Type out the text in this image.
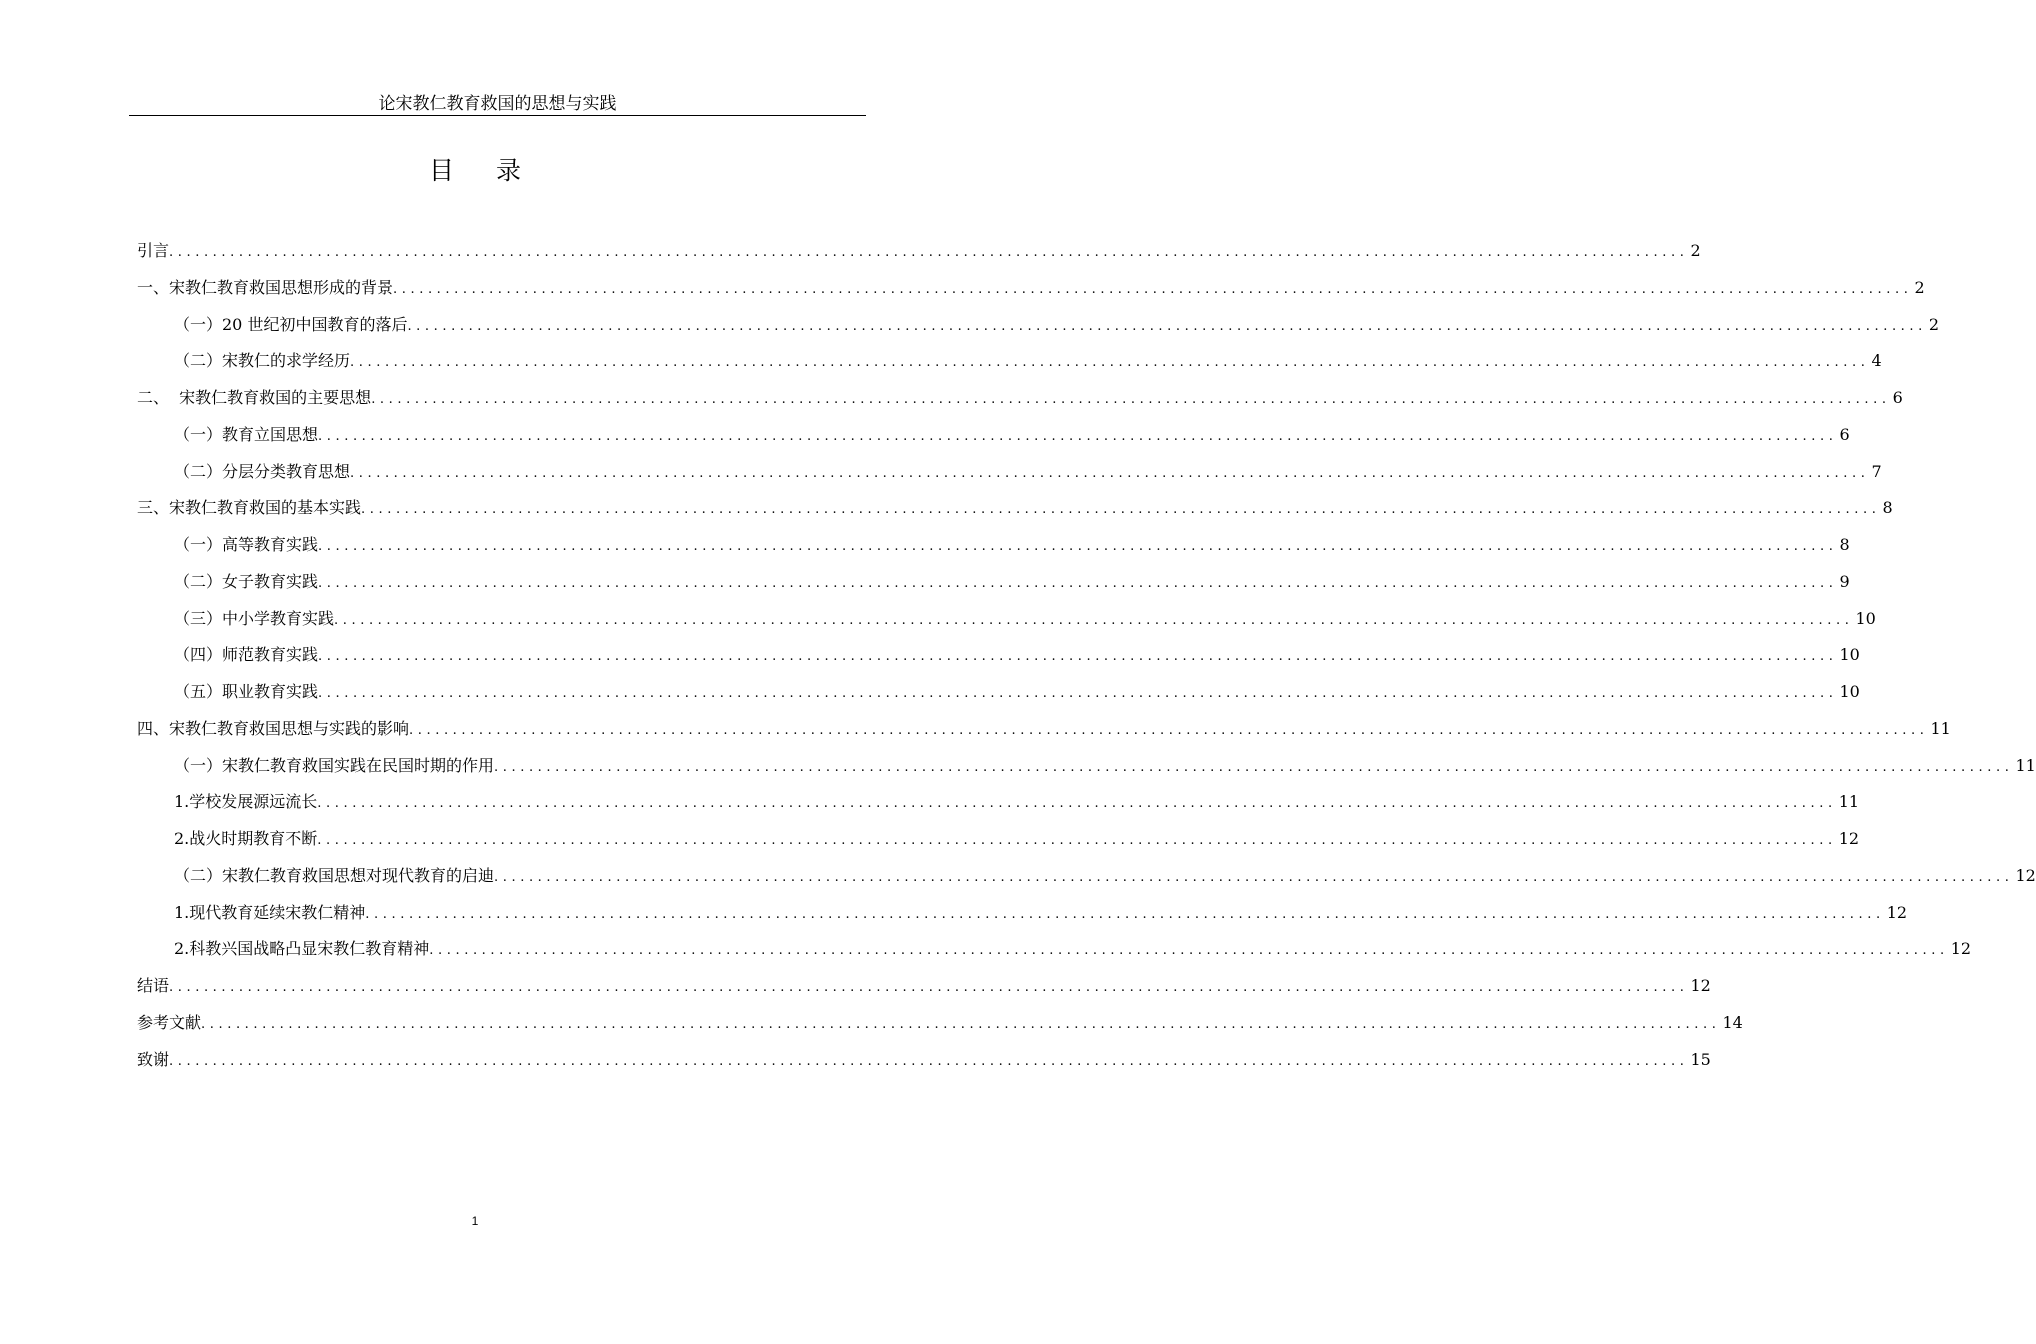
论宋教仁教育救国的思想与实践
目录
引言 .............................................................................................................................................................................. 2
一、宋教仁教育救国思想形成的背景 .............................................................................................................................................................................. 2
（一）20 世纪初中国教育的落后 .............................................................................................................................................................................. 2
（二）宋教仁的求学经历 .............................................................................................................................................................................. 4
二、  宋教仁教育救国的主要思想 .............................................................................................................................................................................. 6
（一）教育立国思想 .............................................................................................................................................................................. 6
（二）分层分类教育思想 .............................................................................................................................................................................. 7
三、宋教仁教育救国的基本实践 .............................................................................................................................................................................. 8
（一）高等教育实践 .............................................................................................................................................................................. 8
（二）女子教育实践 .............................................................................................................................................................................. 9
（三）中小学教育实践 .............................................................................................................................................................................. 10
（四）师范教育实践 .............................................................................................................................................................................. 10
（五）职业教育实践 .............................................................................................................................................................................. 10
四、宋教仁教育救国思想与实践的影响 .............................................................................................................................................................................. 11
（一）宋教仁教育救国实践在民国时期的作用 .............................................................................................................................................................................. 11
1.学校发展源远流长 .............................................................................................................................................................................. 11
2.战火时期教育不断 .............................................................................................................................................................................. 12
（二）宋教仁教育救国思想对现代教育的启迪 .............................................................................................................................................................................. 12
1.现代教育延续宋教仁精神 .............................................................................................................................................................................. 12
2.科教兴国战略凸显宋教仁教育精神 .............................................................................................................................................................................. 12
结语 .............................................................................................................................................................................. 12
参考文献 .............................................................................................................................................................................. 14
致谢 .............................................................................................................................................................................. 15
1
